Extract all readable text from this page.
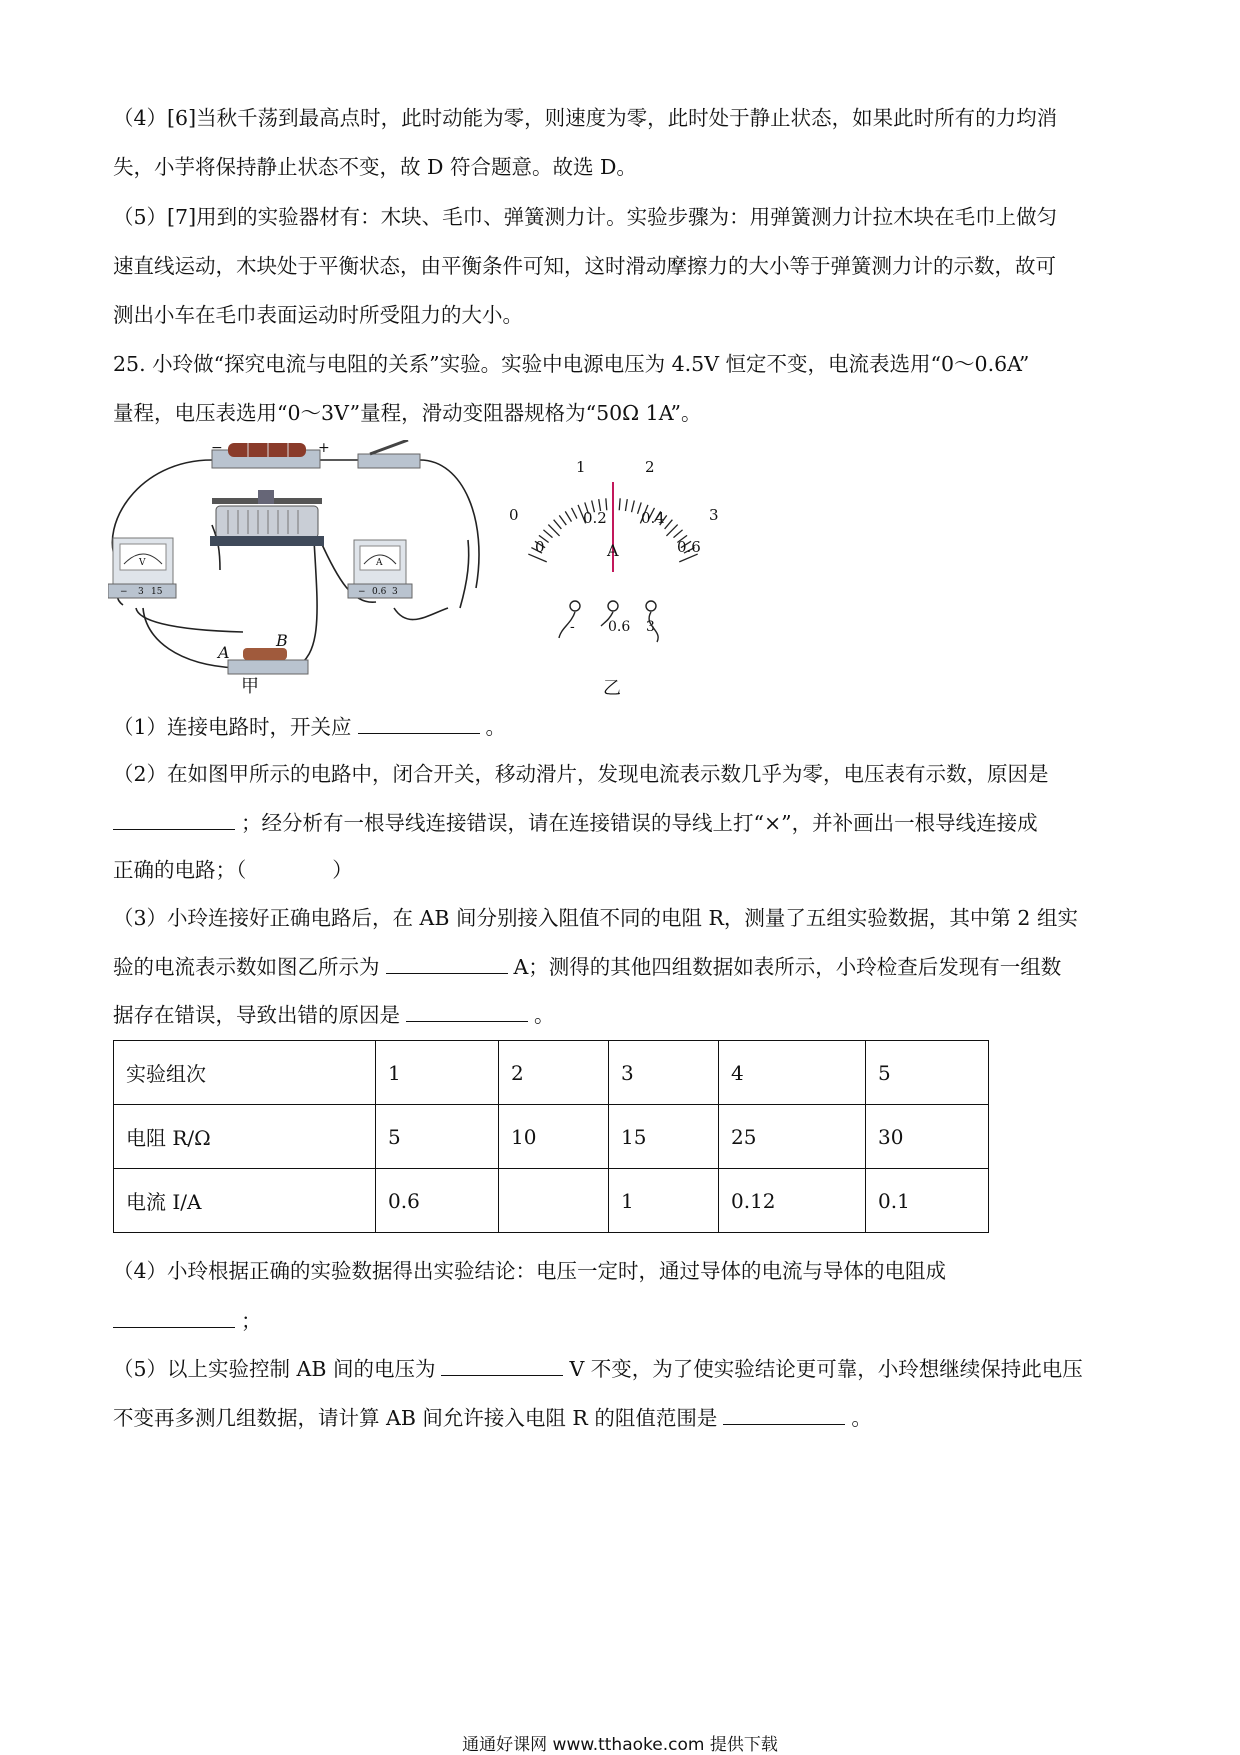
（4）[6]当秋千荡到最高点时，此时动能为零，则速度为零，此时处于静止状态，如果此时所有的力均消
失，小芋将保持静止状态不变，故 D 符合题意。故选 D。
（5）[7]用到的实验器材有：木块、毛巾、弹簧测力计。实验步骤为：用弹簧测力计拉木块在毛巾上做匀
速直线运动，木块处于平衡状态，由平衡条件可知，这时滑动摩擦力的大小等于弹簧测力计的示数，故可
测出小车在毛巾表面运动时所受阻力的大小。
25. 小玲做“探究电流与电阻的关系”实验。实验中电源电压为 4.5V 恒定不变，电流表选用“0～0.6A”
量程，电压表选用“0～3V”量程，滑动变阻器规格为“50Ω 1A”。
−	+
V
− 3 15
A
− 0.6 3
A
B
甲
0
1	2
3
0
0.2 0.4
0.6
A
- 0.6 3
乙
（1）连接电路时，开关应	。
（2）在如图甲所示的电路中，闭合开关，移动滑片，发现电流表示数几乎为零，电压表有示数，原因是
；经分析有一根导线连接错误，请在连接错误的导线上打“×”，并补画出一根导线连接成
正确的电路；（	）
（3）小玲连接好正确电路后，在 AB 间分别接入阻值不同的电阻 R，测量了五组实验数据，其中第 2 组实
验的电流表示数如图乙所示为	A；测得的其他四组数据如表所示，小玲检查后发现有一组数
据存在错误，导致出错的原因是	。
实验组次	1	2	3	4	5
电阻 R/Ω	5	10	15	25	30
电流 I/A	0.6		1	0.12	0.1
（4）小玲根据正确的实验数据得出实验结论：电压一定时，通过导体的电流与导体的电阻成
；
（5）以上实验控制 AB 间的电压为	V 不变，为了使实验结论更可靠，小玲想继续保持此电压
不变再多测几组数据，请计算 AB 间允许接入电阻 R 的阻值范围是	。
通通好课网 www.tthaoke.com 提供下载
